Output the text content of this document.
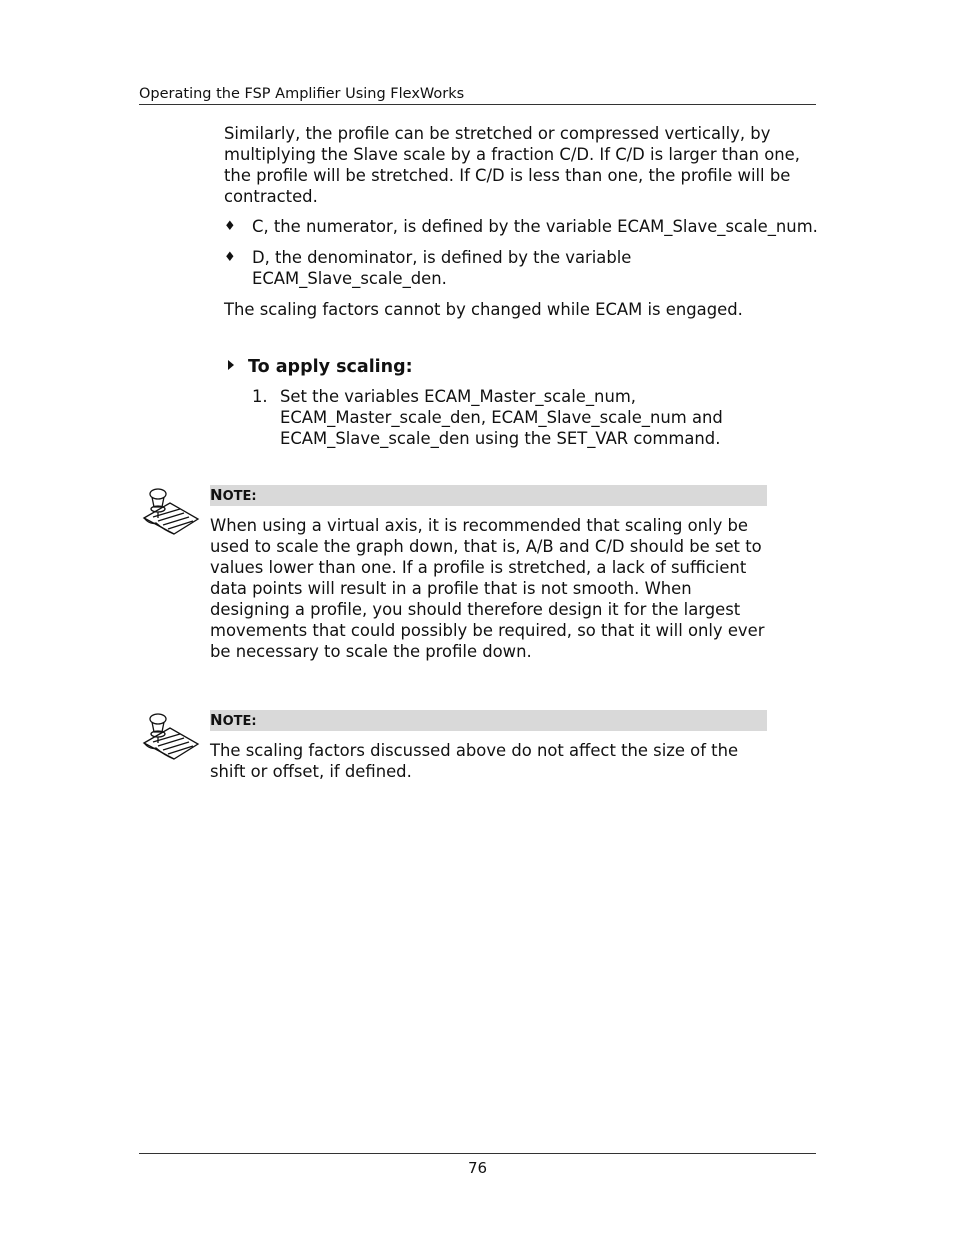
Operating the FSP Amplifier Using FlexWorks

Similarly, the profile can be stretched or compressed vertically, by multiplying the Slave scale by a fraction C/D. If C/D is larger than one, the profile will be stretched. If C/D is less than one, the profile will be contracted.

♦ C, the numerator, is defined by the variable ECAM_Slave_scale_num.
♦ D, the denominator, is defined by the variable ECAM_Slave_scale_den.

The scaling factors cannot by changed while ECAM is engaged.

To apply scaling:
1. Set the variables ECAM_Master_scale_num, ECAM_Master_scale_den, ECAM_Slave_scale_num and ECAM_Slave_scale_den using the SET_VAR command.
NOTE:
When using a virtual axis, it is recommended that scaling only be used to scale the graph down, that is, A/B and C/D should be set to values lower than one. If a profile is stretched, a lack of sufficient data points will result in a profile that is not smooth. When designing a profile, you should therefore design it for the largest movements that could possibly be required, so that it will only ever be necessary to scale the profile down.
NOTE:
The scaling factors discussed above do not affect the size of the shift or offset, if defined.
76
